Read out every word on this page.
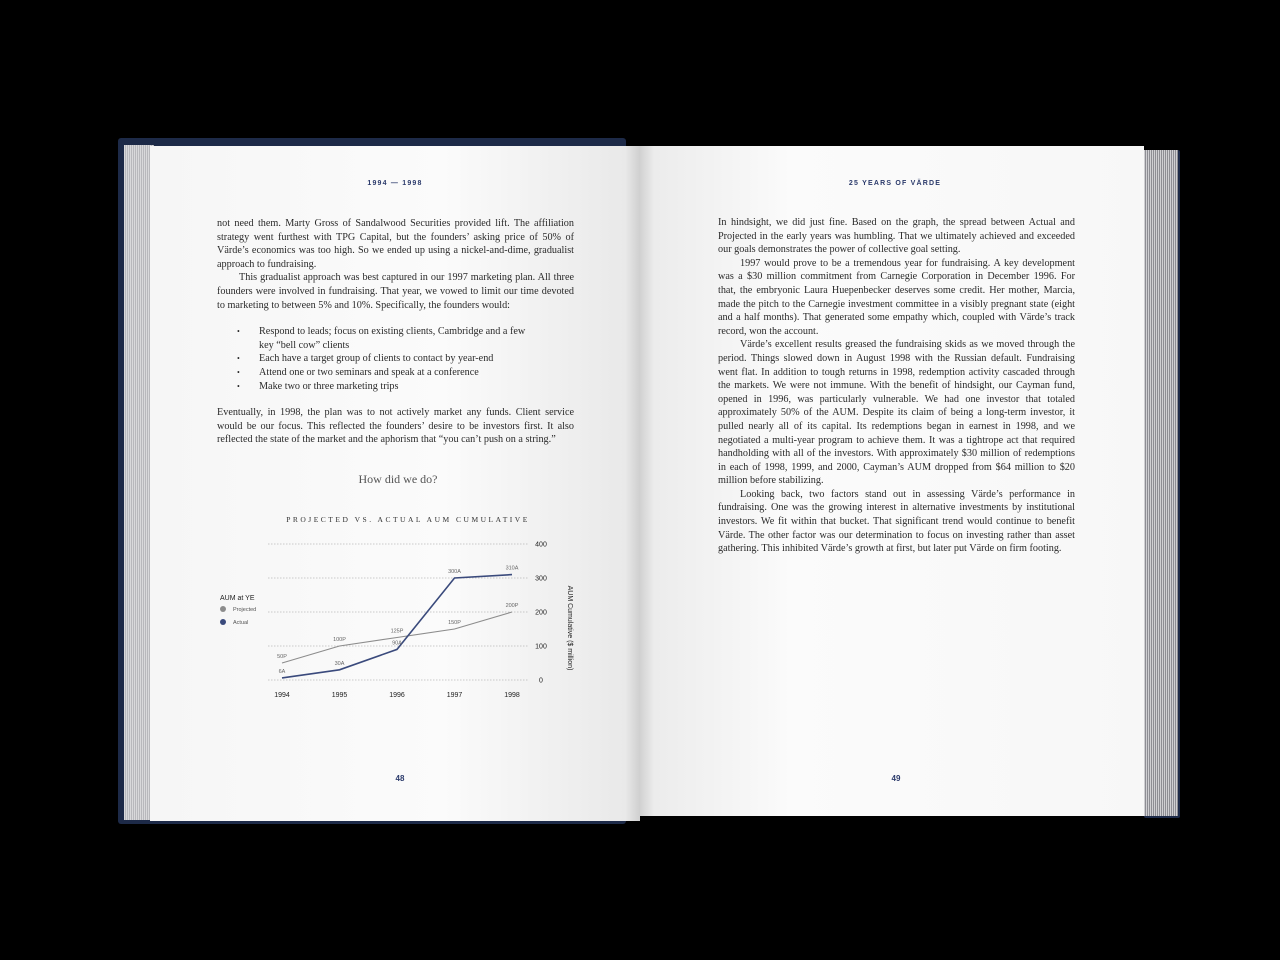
1994 — 1998

not need them. Marty Gross of Sandalwood Securities provided lift. The affiliation strategy went furthest with TPG Capital, but the founders’ asking price of 50% of Värde’s economics was too high. So we ended up using a nickel-and-dime, gradualist approach to fundraising.

This gradualist approach was best captured in our 1997 marketing plan. All three founders were involved in fundraising. That year, we vowed to limit our time devoted to marketing to between 5% and 10%. Specifically, the founders would:

• Respond to leads; focus on existing clients, Cambridge and a few key “bell cow” clients
• Each have a target group of clients to contact by year-end
• Attend one or two seminars and speak at a conference
• Make two or three marketing trips

Eventually, in 1998, the plan was to not actively market any funds. Client service would be our focus. This reflected the founders’ desire to be investors first. It also reflected the state of the market and the aphorism that “you can’t push on a string.”

How did we do?
PROJECTED VS. ACTUAL AUM CUMULATIVE
0
100
200
300
400
1994	1995	1996	1997	1998
50P
100P
125P
150P
200P
6A
30A
90A
300A
310A
AUM at YE
Projected
Actual	AUM Cumulative ($ million)
48
25 YEARS OF VÄRDE

In hindsight, we did just fine. Based on the graph, the spread between Actual and Projected in the early years was humbling. That we ultimately achieved and exceeded our goals demonstrates the power of collective goal setting.

1997 would prove to be a tremendous year for fundraising. A key development was a $30 million commitment from Carnegie Corporation in December 1996. For that, the embryonic Laura Huepenbecker deserves some credit. Her mother, Marcia, made the pitch to the Carnegie investment committee in a visibly pregnant state (eight and a half months). That generated some empathy which, coupled with Värde’s track record, won the account.

Värde’s excellent results greased the fundraising skids as we moved through the period. Things slowed down in August 1998 with the Russian default. Fundraising went flat. In addition to tough returns in 1998, redemption activity cascaded through the markets. We were not immune. With the benefit of hindsight, our Cayman fund, opened in 1996, was particularly vulnerable. We had one investor that totaled approximately 50% of the AUM. Despite its claim of being a long-term investor, it pulled nearly all of its capital. Its redemptions began in earnest in 1998, and we negotiated a multi-year program to achieve them. It was a tightrope act that required handholding with all of the investors. With approximately $30 million of redemptions in each of 1998, 1999, and 2000, Cayman’s AUM dropped from $64 million to $20 million before stabilizing.

Looking back, two factors stand out in assessing Värde’s performance in fundraising. One was the growing interest in alternative investments by institutional investors. We fit within that bucket. That significant trend would continue to benefit Värde. The other factor was our determination to focus on investing rather than asset gathering. This inhibited Värde’s growth at first, but later put Värde on firm footing.

49
